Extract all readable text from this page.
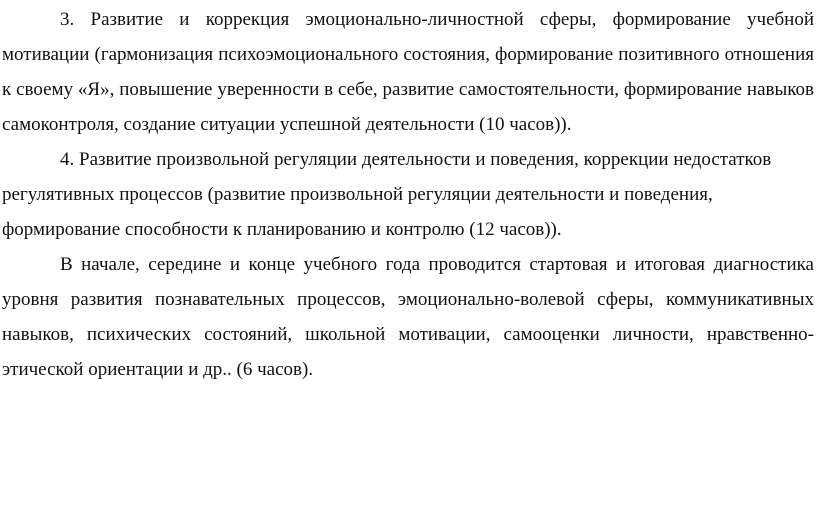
3. Развитие и коррекция эмоционально-личностной сферы, формирование учебной мотивации (гармонизация психоэмоционального состояния, формирование позитивного отношения к своему «Я», повышение уверенности в себе, развитие самостоятельности, формирование навыков самоконтроля, создание ситуации успешной деятельности (10 часов)).

4. Развитие произвольной регуляции деятельности и поведения, коррекции недостатков регулятивных процессов (развитие произвольной регуляции деятельности и поведения, формирование способности к планированию и контролю (12 часов)).

В начале, середине и конце учебного года проводится стартовая и итоговая диагностика уровня развития познавательных процессов, эмоционально-волевой сферы, коммуникативных навыков, психических состояний, школьной мотивации, самооценки личности, нравственно-этической ориентации и др.. (6 часов).
